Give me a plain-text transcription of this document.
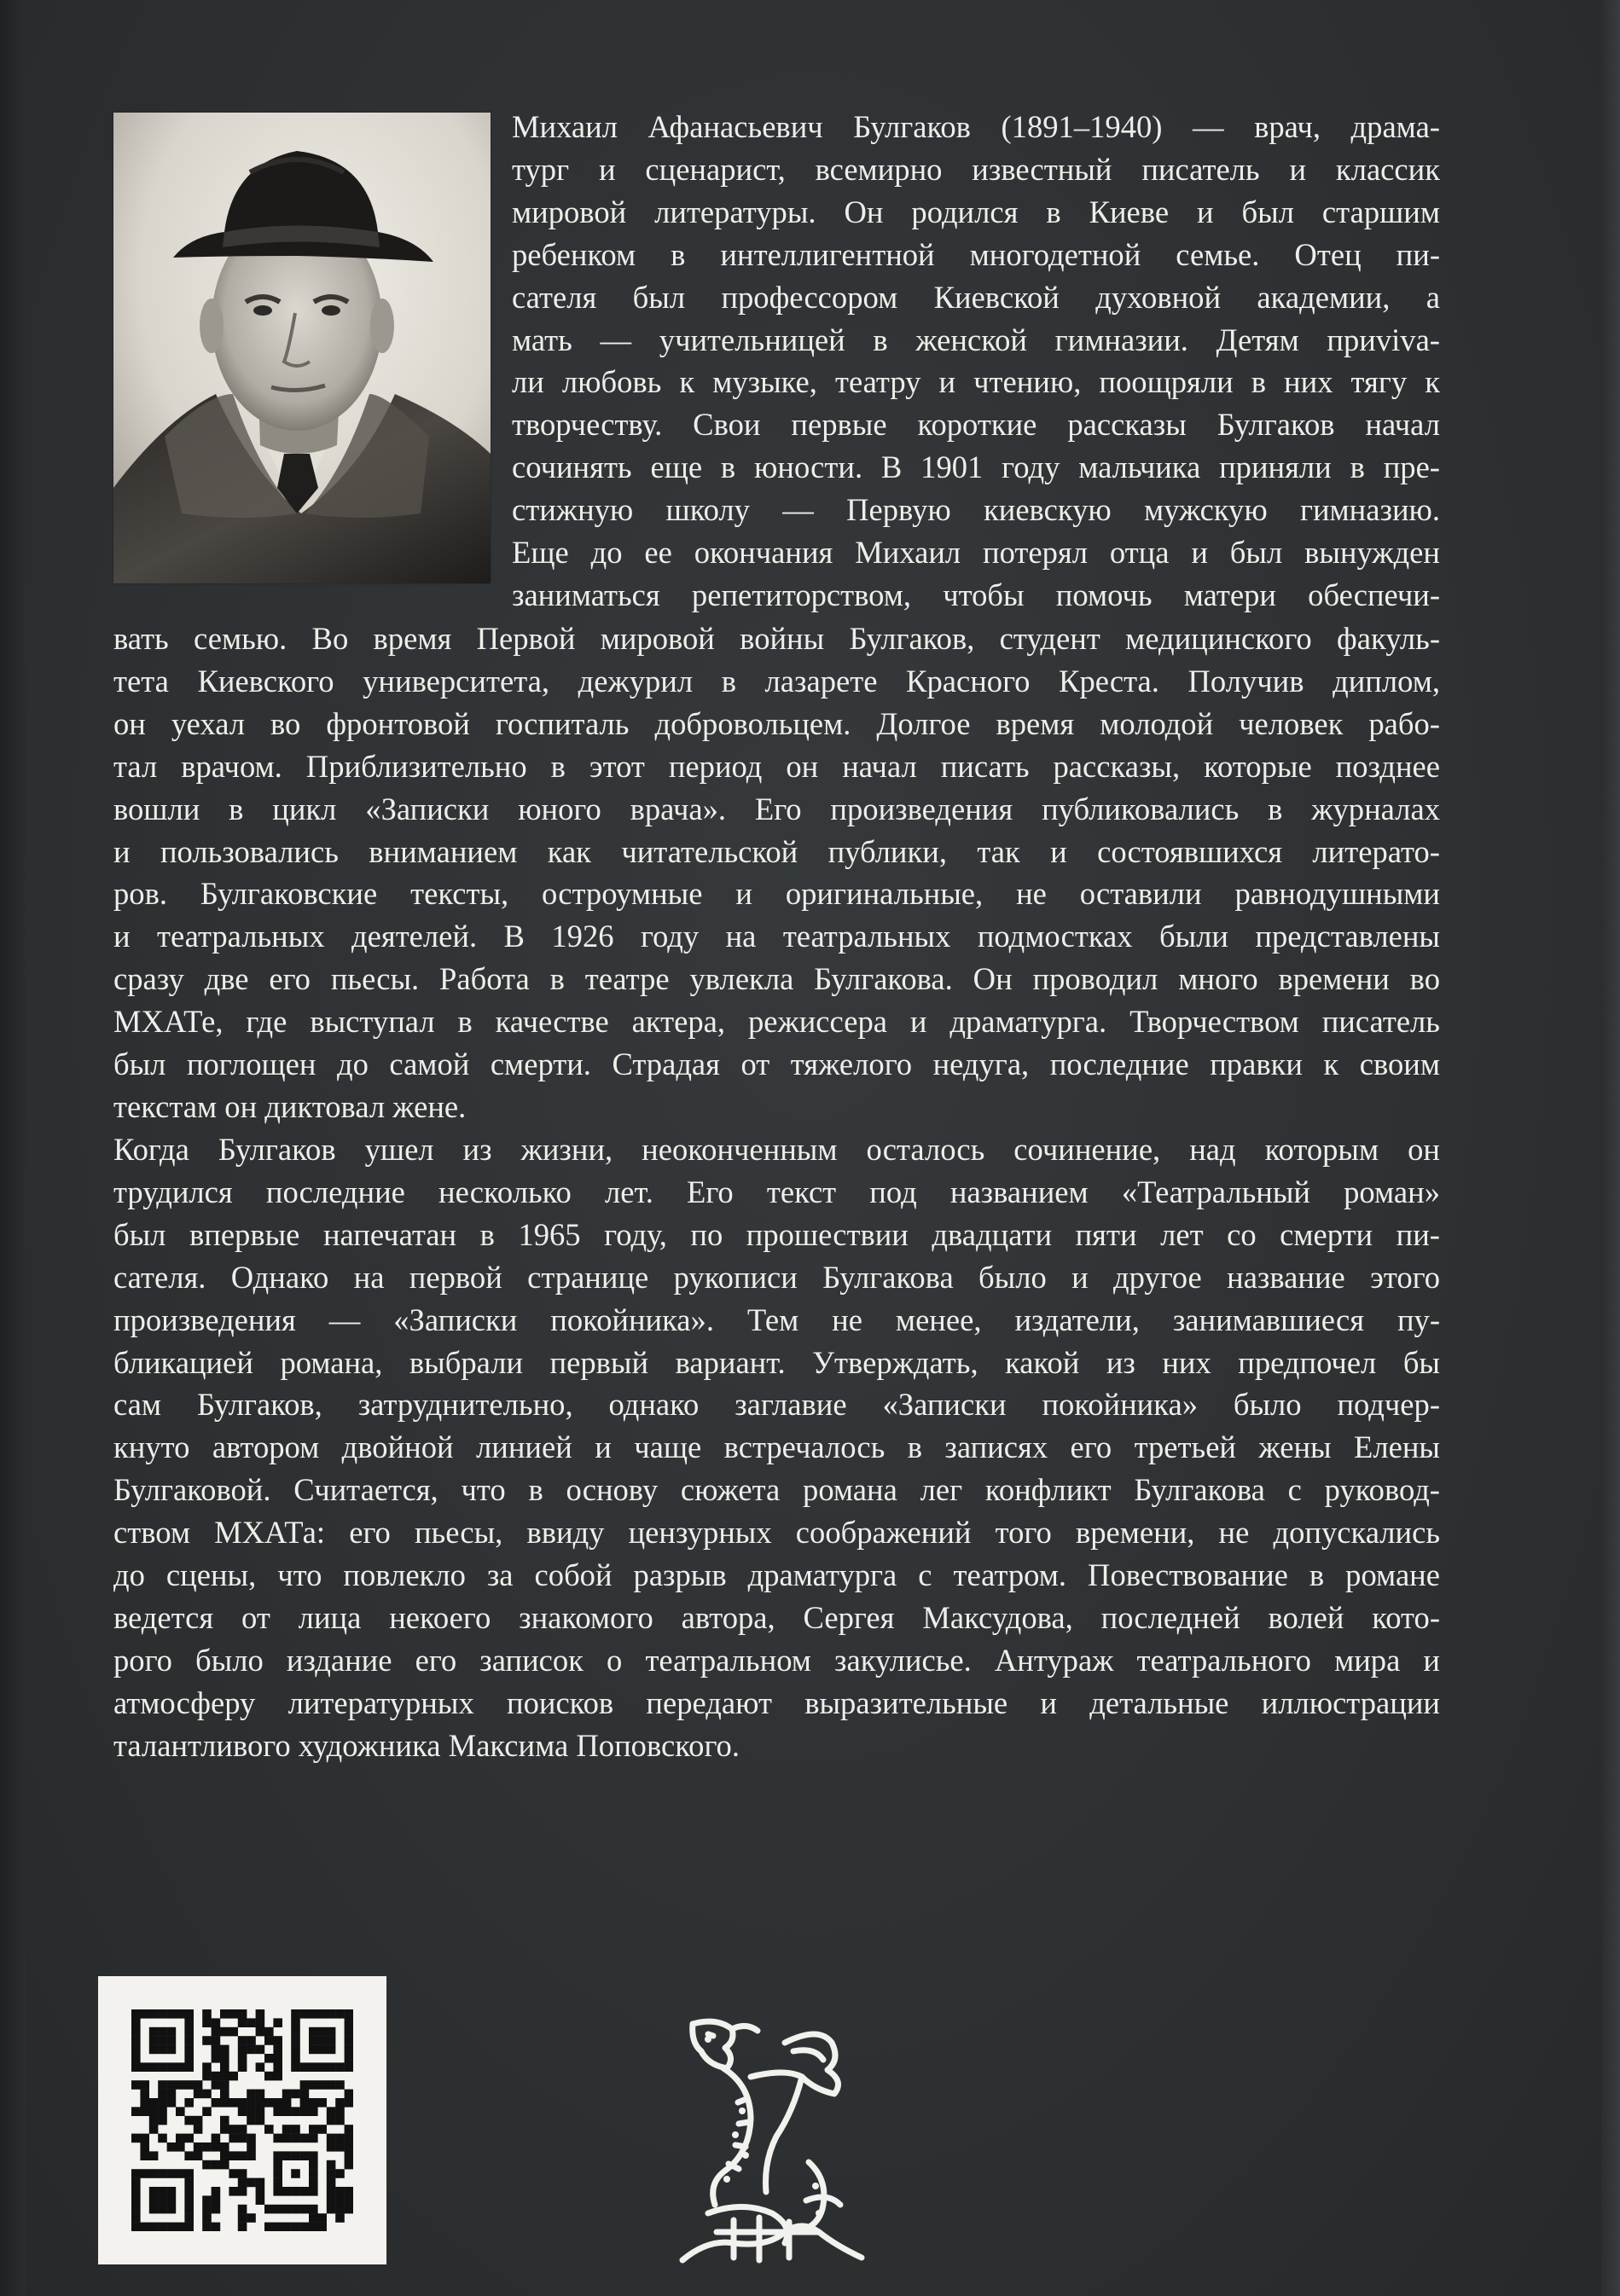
Михаил Афанасьевич Булгаков (1891–1940) — врач, драма-
тург и сценарист, всемирно известный писатель и классик
мировой литературы. Он родился в Киеве и был старшим
ребенком в интеллигентной многодетной семье. Отец пи-
сателя был профессором Киевской духовной академии, а
мать — учительницей в женской гимназии. Детям приviva-
ли любовь к музыке, театру и чтению, поощряли в них тягу к
творчеству. Свои первые короткие рассказы Булгаков начал
сочинять еще в юности. В 1901 году мальчика приняли в пре-
стижную школу — Первую киевскую мужскую гимназию.
Еще до ее окончания Михаил потерял отца и был вынужден
заниматься репетиторством, чтобы помочь матери обеспечи-
вать семью. Во время Первой мировой войны Булгаков, студент медицинского факуль-
тета Киевского университета, дежурил в лазарете Красного Креста. Получив диплом,
он уехал во фронтовой госпиталь добровольцем. Долгое время молодой человек рабо-
тал врачом. Приблизительно в этот период он начал писать рассказы, которые позднее
вошли в цикл «Записки юного врача». Его произведения публиковались в журналах
и пользовались вниманием как читательской публики, так и состоявшихся литерато-
ров. Булгаковские тексты, остроумные и оригинальные, не оставили равнодушными
и театральных деятелей. В 1926 году на театральных подмостках были представлены
сразу две его пьесы. Работа в театре увлекла Булгакова. Он проводил много времени во
МХАТе, где выступал в качестве актера, режиссера и драматурга. Творчеством писатель
был поглощен до самой смерти. Страдая от тяжелого недуга, последние правки к своим
текстам он диктовал жене.
Когда Булгаков ушел из жизни, неоконченным осталось сочинение, над которым он
трудился последние несколько лет. Его текст под названием «Театральный роман»
был впервые напечатан в 1965 году, по прошествии двадцати пяти лет со смерти пи-
сателя. Однако на первой странице рукописи Булгакова было и другое название этого
произведения — «Записки покойника». Тем не менее, издатели, занимавшиеся пу-
бликацией романа, выбрали первый вариант. Утверждать, какой из них предпочел бы
сам Булгаков, затруднительно, однако заглавие «Записки покойника» было подчер-
кнуто автором двойной линией и чаще встречалось в записях его третьей жены Елены
Булгаковой. Считается, что в основу сюжета романа лег конфликт Булгакова с руковод-
ством МХАТа: его пьесы, ввиду цензурных соображений того времени, не допускались
до сцены, что повлекло за собой разрыв драматурга с театром. Повествование в романе
ведется от лица некоего знакомого автора, Сергея Максудова, последней волей кото-
рого было издание его записок о театральном закулисье. Антураж театрального мира и
атмосферу литературных поисков передают выразительные и детальные иллюстрации
талантливого художника Максима Поповского.
